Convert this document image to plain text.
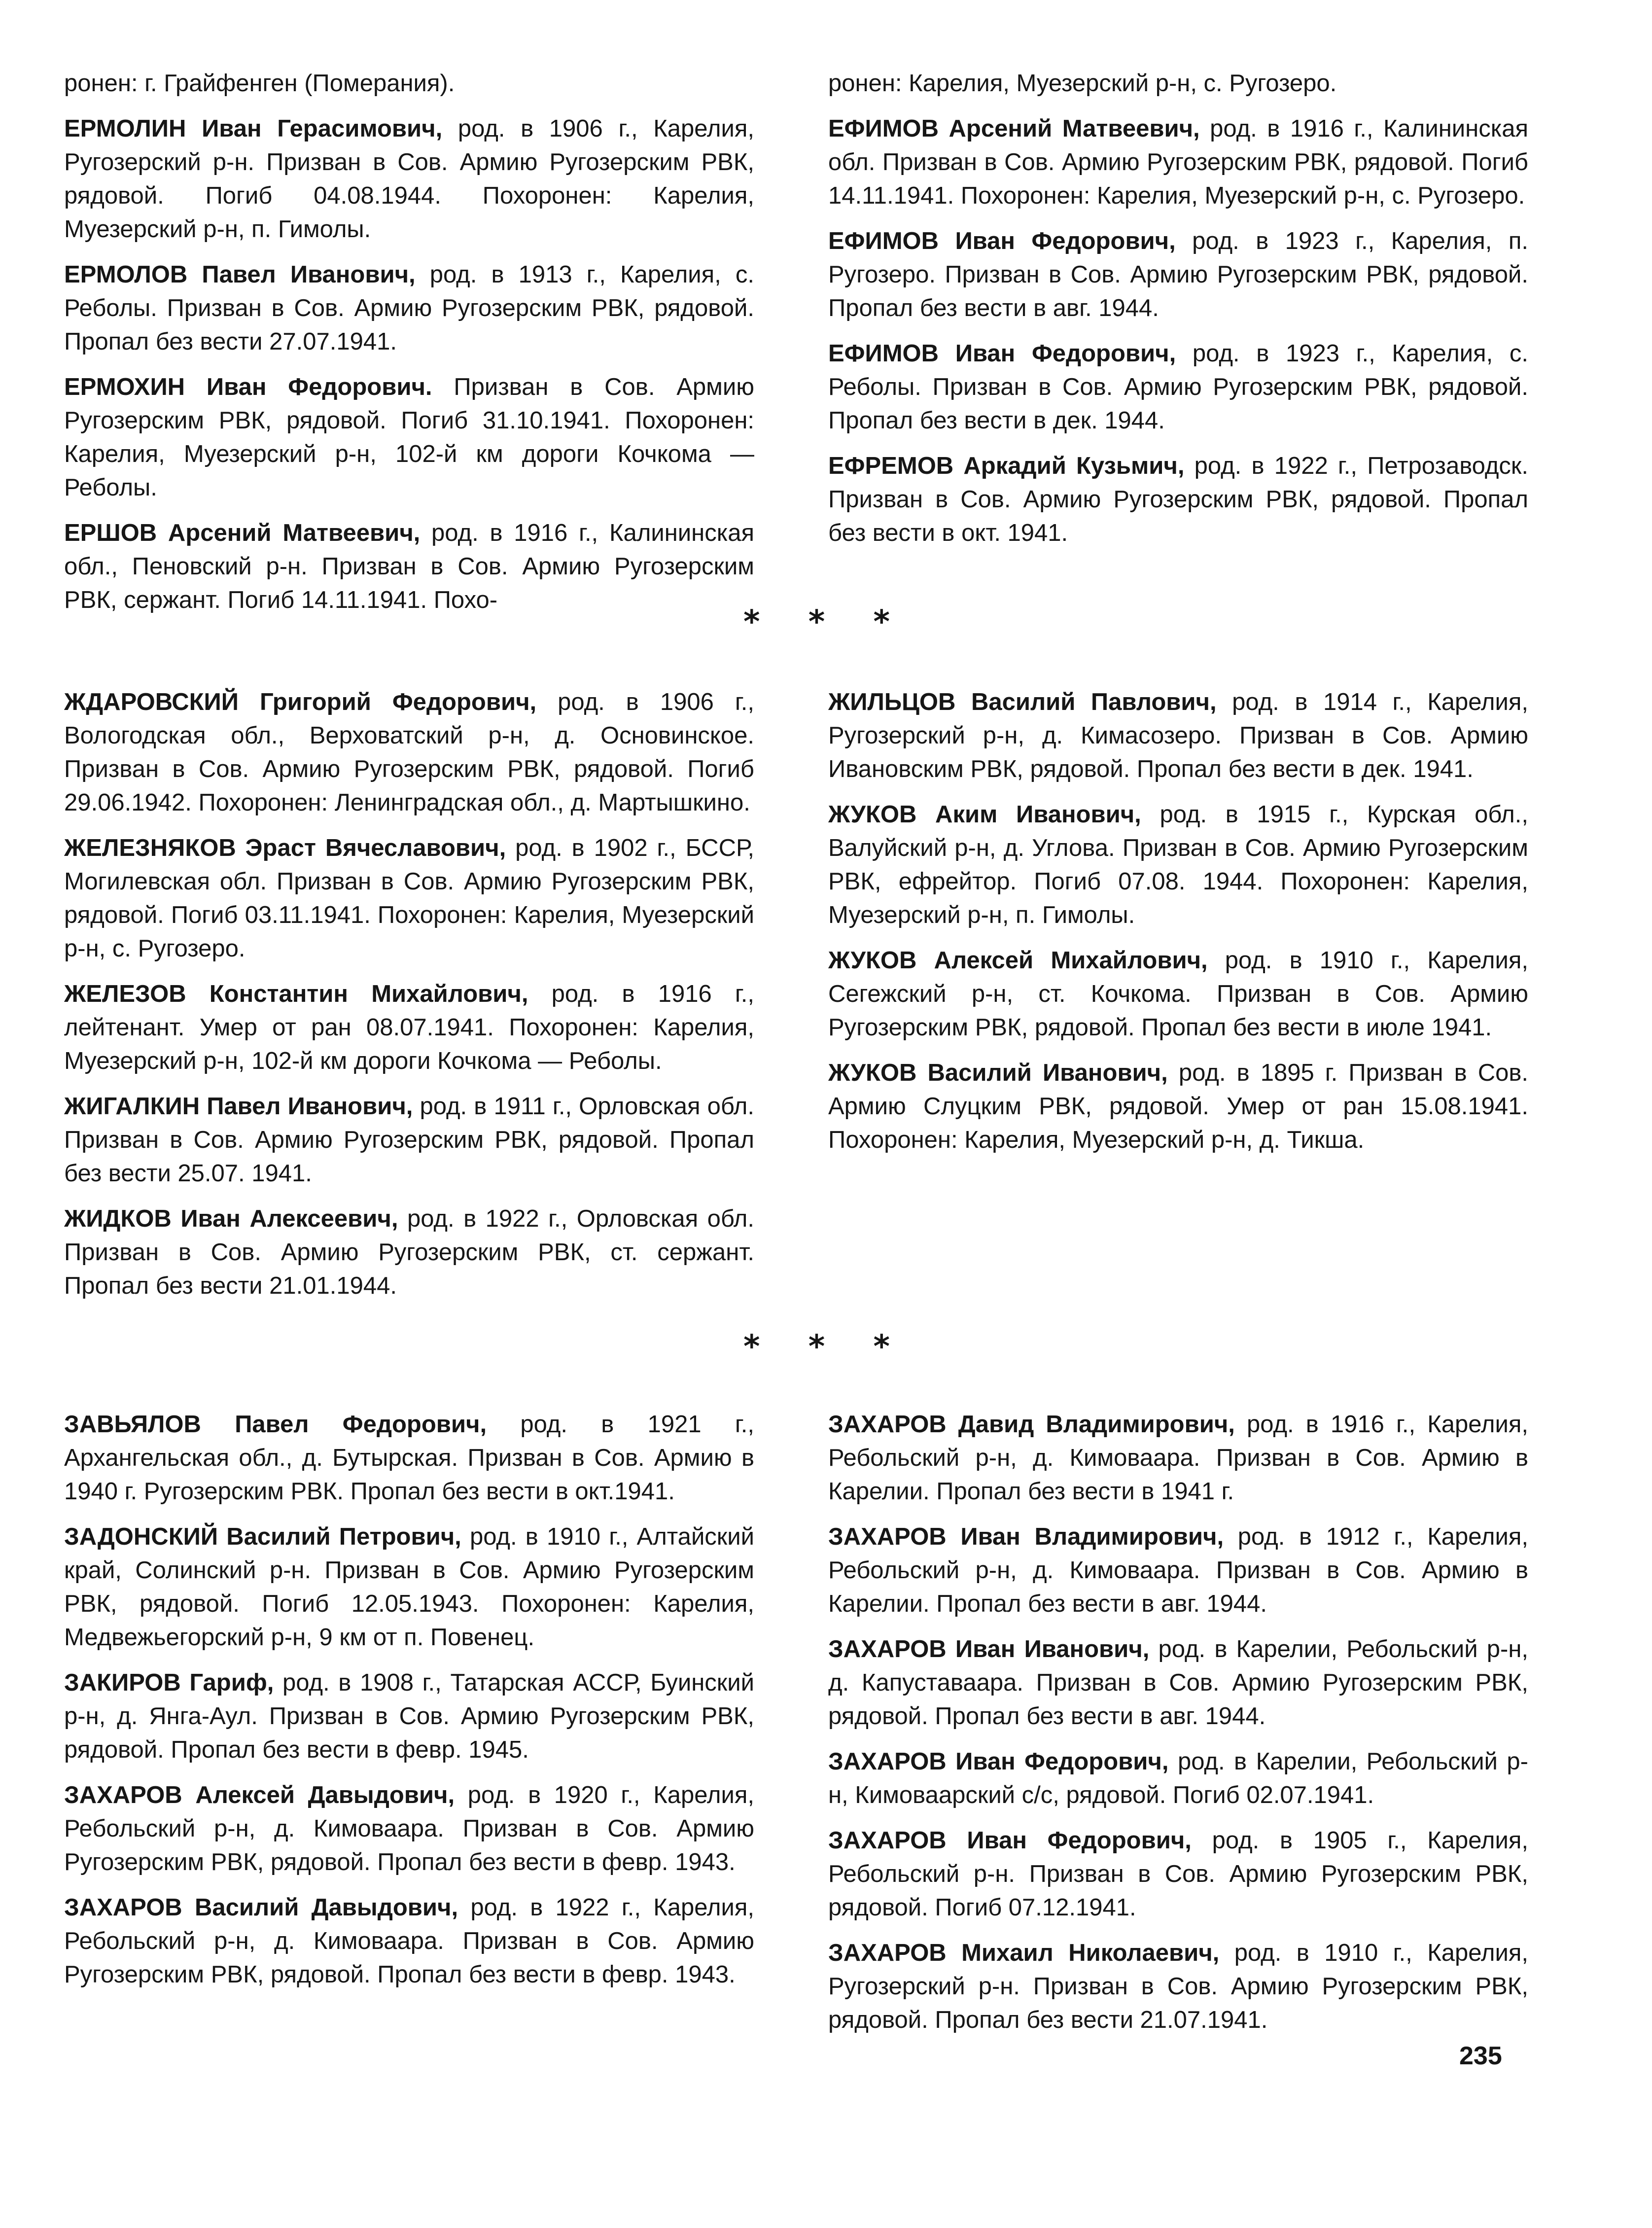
ронен: г. Грайфенген (Померания).

ЕРМОЛИН Иван Герасимович, род. в 1906 г., Карелия, Ругозерский р-н. Призван в Сов. Армию Ругозерским РВК, рядовой. Погиб 04.08.1944. Похоронен: Карелия, Муезерский р-н, п. Гимолы.

ЕРМОЛОВ Павел Иванович, род. в 1913 г., Карелия, с. Реболы. Призван в Сов. Армию Ругозерским РВК, рядовой. Пропал без вести 27.07.1941.

ЕРМОХИН Иван Федорович. Призван в Сов. Армию Ругозерским РВК, рядовой. Погиб 31.10.1941. Похоронен: Карелия, Муезерский р-н, 102-й км дороги Кочкома — Реболы.

ЕРШОВ Арсений Матвеевич, род. в 1916 г., Калининская обл., Пеновский р-н. Призван в Сов. Армию Ругозерским РВК, сержант. Погиб 14.11.1941. Похо-

ронен: Карелия, Муезерский р-н, с. Ругозеро.

ЕФИМОВ Арсений Матвеевич, род. в 1916 г., Калининская обл. Призван в Сов. Армию Ругозерским РВК, рядовой. Погиб 14.11.1941. Похоронен: Карелия, Муезерский р-н, с. Ругозеро.

ЕФИМОВ Иван Федорович, род. в 1923 г., Карелия, п. Ругозеро. Призван в Сов. Армию Ругозерским РВК, рядовой. Пропал без вести в авг. 1944.

ЕФИМОВ Иван Федорович, род. в 1923 г., Карелия, с. Реболы. Призван в Сов. Армию Ругозерским РВК, рядовой. Пропал без вести в дек. 1944.

ЕФРЕМОВ Аркадий Кузьмич, род. в 1922 г., Петрозаводск. Призван в Сов. Армию Ругозерским РВК, рядовой. Пропал без вести в окт. 1941.

* * *

ЖДАРОВСКИЙ Григорий Федорович, род. в 1906 г., Вологодская обл., Верховатский р-н, д. Основинское. Призван в Сов. Армию Ругозерским РВК, рядовой. Погиб 29.06.1942. Похоронен: Ленинградская обл., д. Мартышкино.

ЖЕЛЕЗНЯКОВ Эраст Вячеславович, род. в 1902 г., БССР, Могилевская обл. Призван в Сов. Армию Ругозерским РВК, рядовой. Погиб 03.11.1941. Похоронен: Карелия, Муезерский р-н, с. Ругозеро.

ЖЕЛЕЗОВ Константин Михайлович, род. в 1916 г., лейтенант. Умер от ран 08.07.1941. Похоронен: Карелия, Муезерский р-н, 102-й км дороги Кочкома — Реболы.

ЖИГАЛКИН Павел Иванович, род. в 1911 г., Орловская обл. Призван в Сов. Армию Ругозерским РВК, рядовой. Пропал без вести 25.07. 1941.

ЖИДКОВ Иван Алексеевич, род. в 1922 г., Орловская обл. Призван в Сов. Армию Ругозерским РВК, ст. сержант. Пропал без вести 21.01.1944.

ЖИЛЬЦОВ Василий Павлович, род. в 1914 г., Карелия, Ругозерский р-н, д. Кимасозеро. Призван в Сов. Армию Ивановским РВК, рядовой. Пропал без вести в дек. 1941.

ЖУКОВ Аким Иванович, род. в 1915 г., Курская обл., Валуйский р-н, д. Углова. Призван в Сов. Армию Ругозерским РВК, ефрейтор. Погиб 07.08. 1944. Похоронен: Карелия, Муезерский р-н, п. Гимолы.

ЖУКОВ Алексей Михайлович, род. в 1910 г., Карелия, Сегежский р-н, ст. Кочкома. Призван в Сов. Армию Ругозерским РВК, рядовой. Пропал без вести в июле 1941.

ЖУКОВ Василий Иванович, род. в 1895 г. Призван в Сов. Армию Слуцким РВК, рядовой. Умер от ран 15.08.1941. Похоронен: Карелия, Муезерский р-н, д. Тикша.

* * *

ЗАВЬЯЛОВ Павел Федорович, род. в 1921 г., Архангельская обл., д. Бутырская. Призван в Сов. Армию в 1940 г. Ругозерским РВК. Пропал без вести в окт.1941.

ЗАДОНСКИЙ Василий Петрович, род. в 1910 г., Алтайский край, Солинский р-н. Призван в Сов. Армию Ругозерским РВК, рядовой. Погиб 12.05.1943. Похоронен: Карелия, Медвежьегорский р-н, 9 км от п. Повенец.

ЗАКИРОВ Гариф, род. в 1908 г., Татарская АССР, Буинский р-н, д. Янга-Аул. Призван в Сов. Армию Ругозерским РВК, рядовой. Пропал без вести в февр. 1945.

ЗАХАРОВ Алексей Давыдович, род. в 1920 г., Карелия, Ребольский р-н, д. Кимоваара. Призван в Сов. Армию Ругозерским РВК, рядовой. Пропал без вести в февр. 1943.

ЗАХАРОВ Василий Давыдович, род. в 1922 г., Карелия, Ребольский р-н, д. Кимоваара. Призван в Сов. Армию Ругозерским РВК, рядовой. Пропал без вести в февр. 1943.

ЗАХАРОВ Давид Владимирович, род. в 1916 г., Карелия, Ребольский р-н, д. Кимоваара. Призван в Сов. Армию в Карелии. Пропал без вести в 1941 г.

ЗАХАРОВ Иван Владимирович, род. в 1912 г., Карелия, Ребольский р-н, д. Кимоваара. Призван в Сов. Армию в Карелии. Пропал без вести в авг. 1944.

ЗАХАРОВ Иван Иванович, род. в Карелии, Ребольский р-н, д. Капуставаара. Призван в Сов. Армию Ругозерским РВК, рядовой. Пропал без вести в авг. 1944.

ЗАХАРОВ Иван Федорович, род. в Карелии, Ребольский р-н, Кимоваарский с/с, рядовой. Погиб 02.07.1941.

ЗАХАРОВ Иван Федорович, род. в 1905 г., Карелия, Ребольский р-н. Призван в Сов. Армию Ругозерским РВК, рядовой. Погиб 07.12.1941.

ЗАХАРОВ Михаил Николаевич, род. в 1910 г., Карелия, Ругозерский р-н. Призван в Сов. Армию Ругозерским РВК, рядовой. Пропал без вести 21.07.1941.

235
